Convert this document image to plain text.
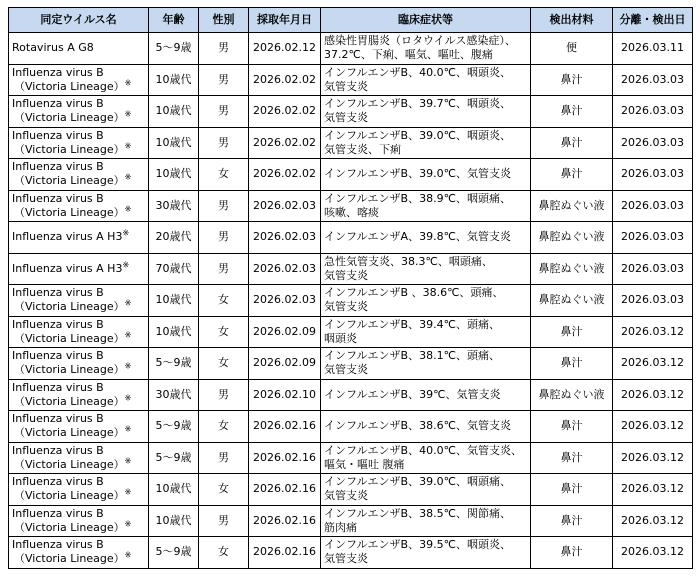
同定ウイルス名	年齢	性別	採取年月日	臨床症状等	検出材料	分離・検出日

Rotavirus A G8	5〜9歳	男	2026.02.12	感染性胃腸炎（ロタウイルス感染症）、
37.2℃、下痢、嘔気、嘔吐、腹痛	便	2026.03.11

Influenza virus B
（Victoria Lineage）※	10歳代	男	2026.02.02	インフルエンザB、40.0℃、咽頭炎、
気管支炎	鼻汁	2026.03.03

Influenza virus B
（Victoria Lineage）※	10歳代	男	2026.02.02	インフルエンザB、39.7℃、咽頭炎、
気管支炎	鼻汁	2026.03.03

Influenza virus B
（Victoria Lineage）※	10歳代	男	2026.02.02	インフルエンザB、39.0℃、咽頭炎、
気管支炎、下痢	鼻汁	2026.03.03

Influenza virus B
（Victoria Lineage）※	10歳代	女	2026.02.02	インフルエンザB、39.0℃、気管支炎	鼻汁	2026.03.03

Influenza virus B
（Victoria Lineage）※	30歳代	男	2026.02.03	インフルエンザB、38.9℃、咽頭痛、
咳嗽、喀痰	鼻腔ぬぐい液	2026.03.03

Influenza virus A H3※	20歳代	男	2026.02.03	インフルエンザA、39.8℃、気管支炎	鼻腔ぬぐい液	2026.03.03

Influenza virus A H3※	70歳代	男	2026.02.03	急性気管支炎、38.3℃、咽頭痛、
気管支炎	鼻腔ぬぐい液	2026.03.03

Influenza virus B
（Victoria Lineage）※	10歳代	女	2026.02.03	インフルエンザB 、38.6℃、頭痛、
気管支炎	鼻腔ぬぐい液	2026.03.03

Influenza virus B
（Victoria Lineage）※	10歳代	女	2026.02.09	インフルエンザB、39.4℃、頭痛、
咽頭炎	鼻汁	2026.03.12

Influenza virus B
（Victoria Lineage）※	5〜9歳	女	2026.02.09	インフルエンザB、38.1℃、頭痛、
気管支炎	鼻汁	2026.03.12

Influenza virus B
（Victoria Lineage）※	30歳代	男	2026.02.10	インフルエンザB、39℃、気管支炎	鼻腔ぬぐい液	2026.03.12

Influenza virus B
（Victoria Lineage）※	5〜9歳	女	2026.02.16	インフルエンザB、38.6℃、気管支炎	鼻汁	2026.03.12

Influenza virus B
（Victoria Lineage）※	5〜9歳	男	2026.02.16	インフルエンザB、40.0℃、気管支炎、
嘔気・嘔吐 腹痛	鼻汁	2026.03.12

Influenza virus B
（Victoria Lineage）※	10歳代	女	2026.02.16	インフルエンザB、39.0℃、咽頭痛、
気管支炎	鼻汁	2026.03.12

Influenza virus B
（Victoria Lineage）※	10歳代	男	2026.02.16	インフルエンザB、38.5℃、関節痛、
筋肉痛	鼻汁	2026.03.12

Influenza virus B
（Victoria Lineage）※	5〜9歳	女	2026.02.16	インフルエンザB、39.5℃、咽頭炎、
気管支炎	鼻汁	2026.03.12
